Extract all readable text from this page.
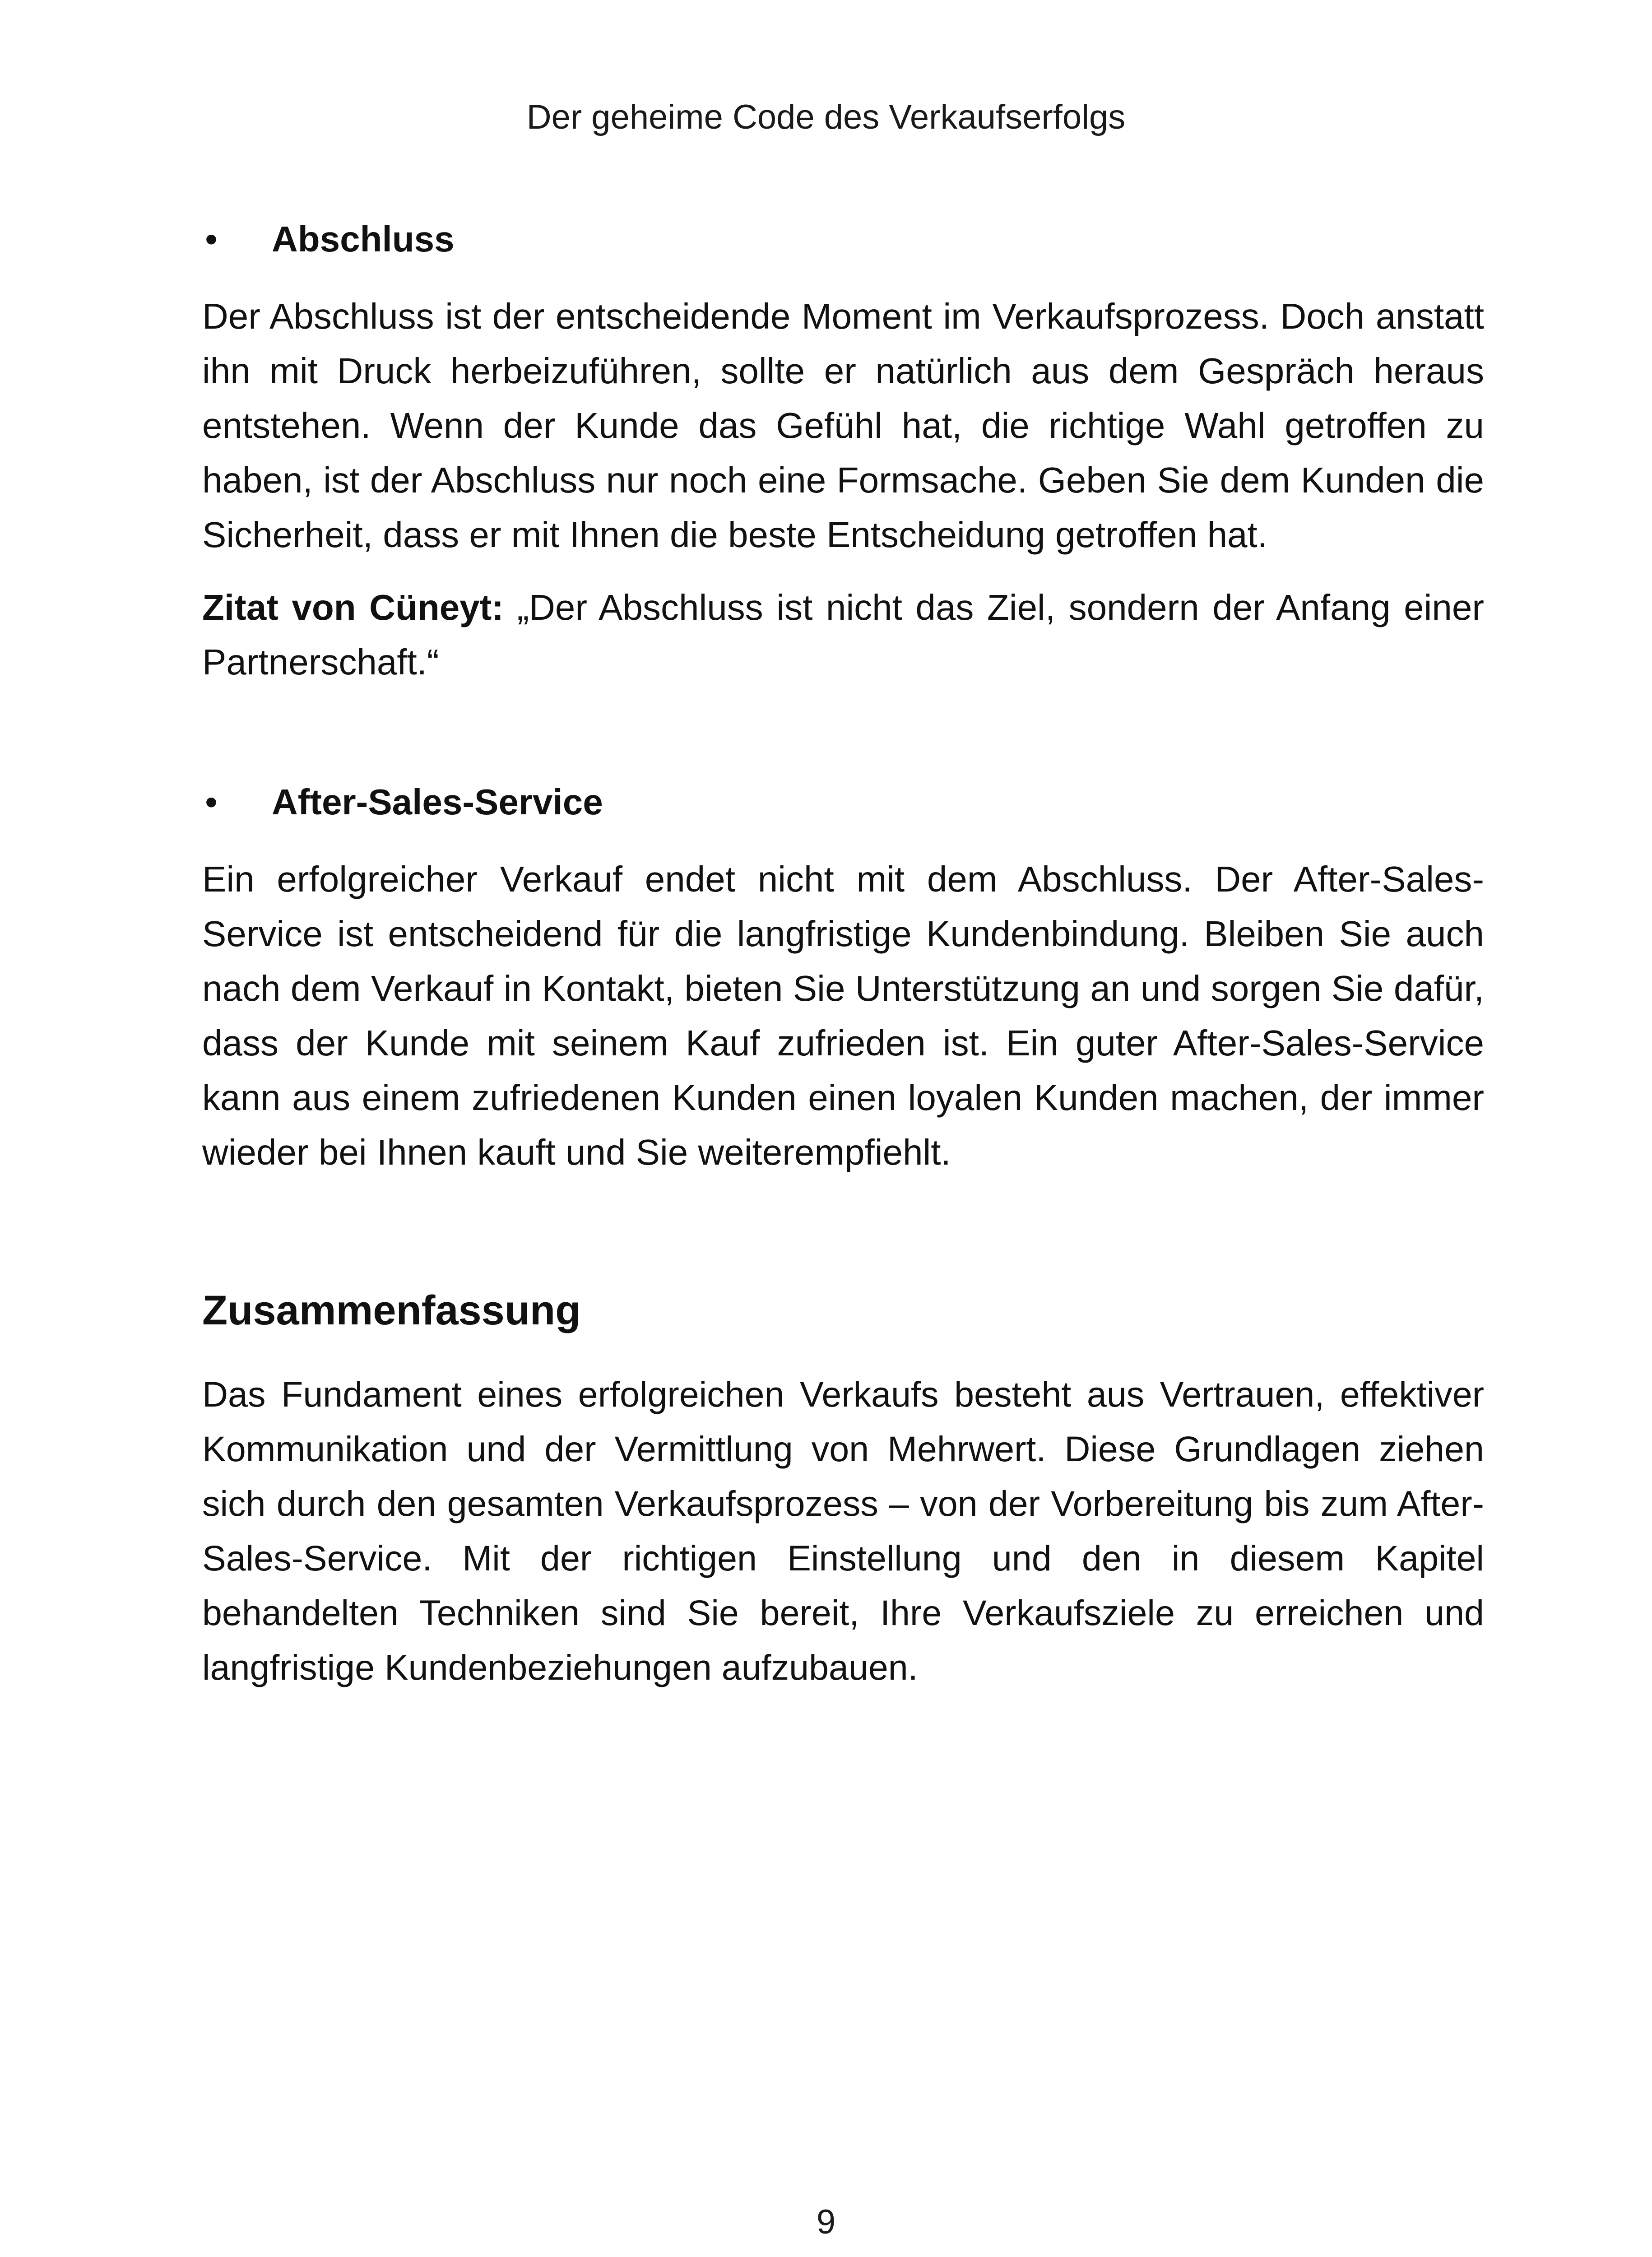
Der geheime Code des Verkaufserfolgs
•	Abschluss

Der Abschluss ist der entscheidende Moment im Verkaufsprozess. Doch anstatt ihn mit Druck herbeizuführen, sollte er natürlich aus dem Gespräch heraus entstehen. Wenn der Kunde das Gefühl hat, die richtige Wahl getroffen zu haben, ist der Abschluss nur noch eine Formsache. Geben Sie dem Kunden die Sicherheit, dass er mit Ihnen die beste Entscheidung getroffen hat.

Zitat von Cüneyt: „Der Abschluss ist nicht das Ziel, sondern der Anfang einer Partnerschaft.“

•	After-Sales-Service

Ein erfolgreicher Verkauf endet nicht mit dem Abschluss. Der After-Sales-Service ist entscheidend für die langfristige Kundenbindung. Bleiben Sie auch nach dem Verkauf in Kontakt, bieten Sie Unterstützung an und sorgen Sie dafür, dass der Kunde mit seinem Kauf zufrieden ist. Ein guter After-Sales-Service kann aus einem zufriedenen Kunden einen loyalen Kunden machen, der immer wieder bei Ihnen kauft und Sie weiterempfiehlt.

Zusammenfassung

Das Fundament eines erfolgreichen Verkaufs besteht aus Vertrauen, effektiver Kommunikation und der Vermittlung von Mehrwert. Diese Grundlagen ziehen sich durch den gesamten Verkaufsprozess – von der Vorbereitung bis zum After-Sales-Service. Mit der richtigen Einstellung und den in diesem Kapitel behandelten Techniken sind Sie bereit, Ihre Verkaufsziele zu erreichen und langfristige Kundenbeziehungen aufzubauen.

9
